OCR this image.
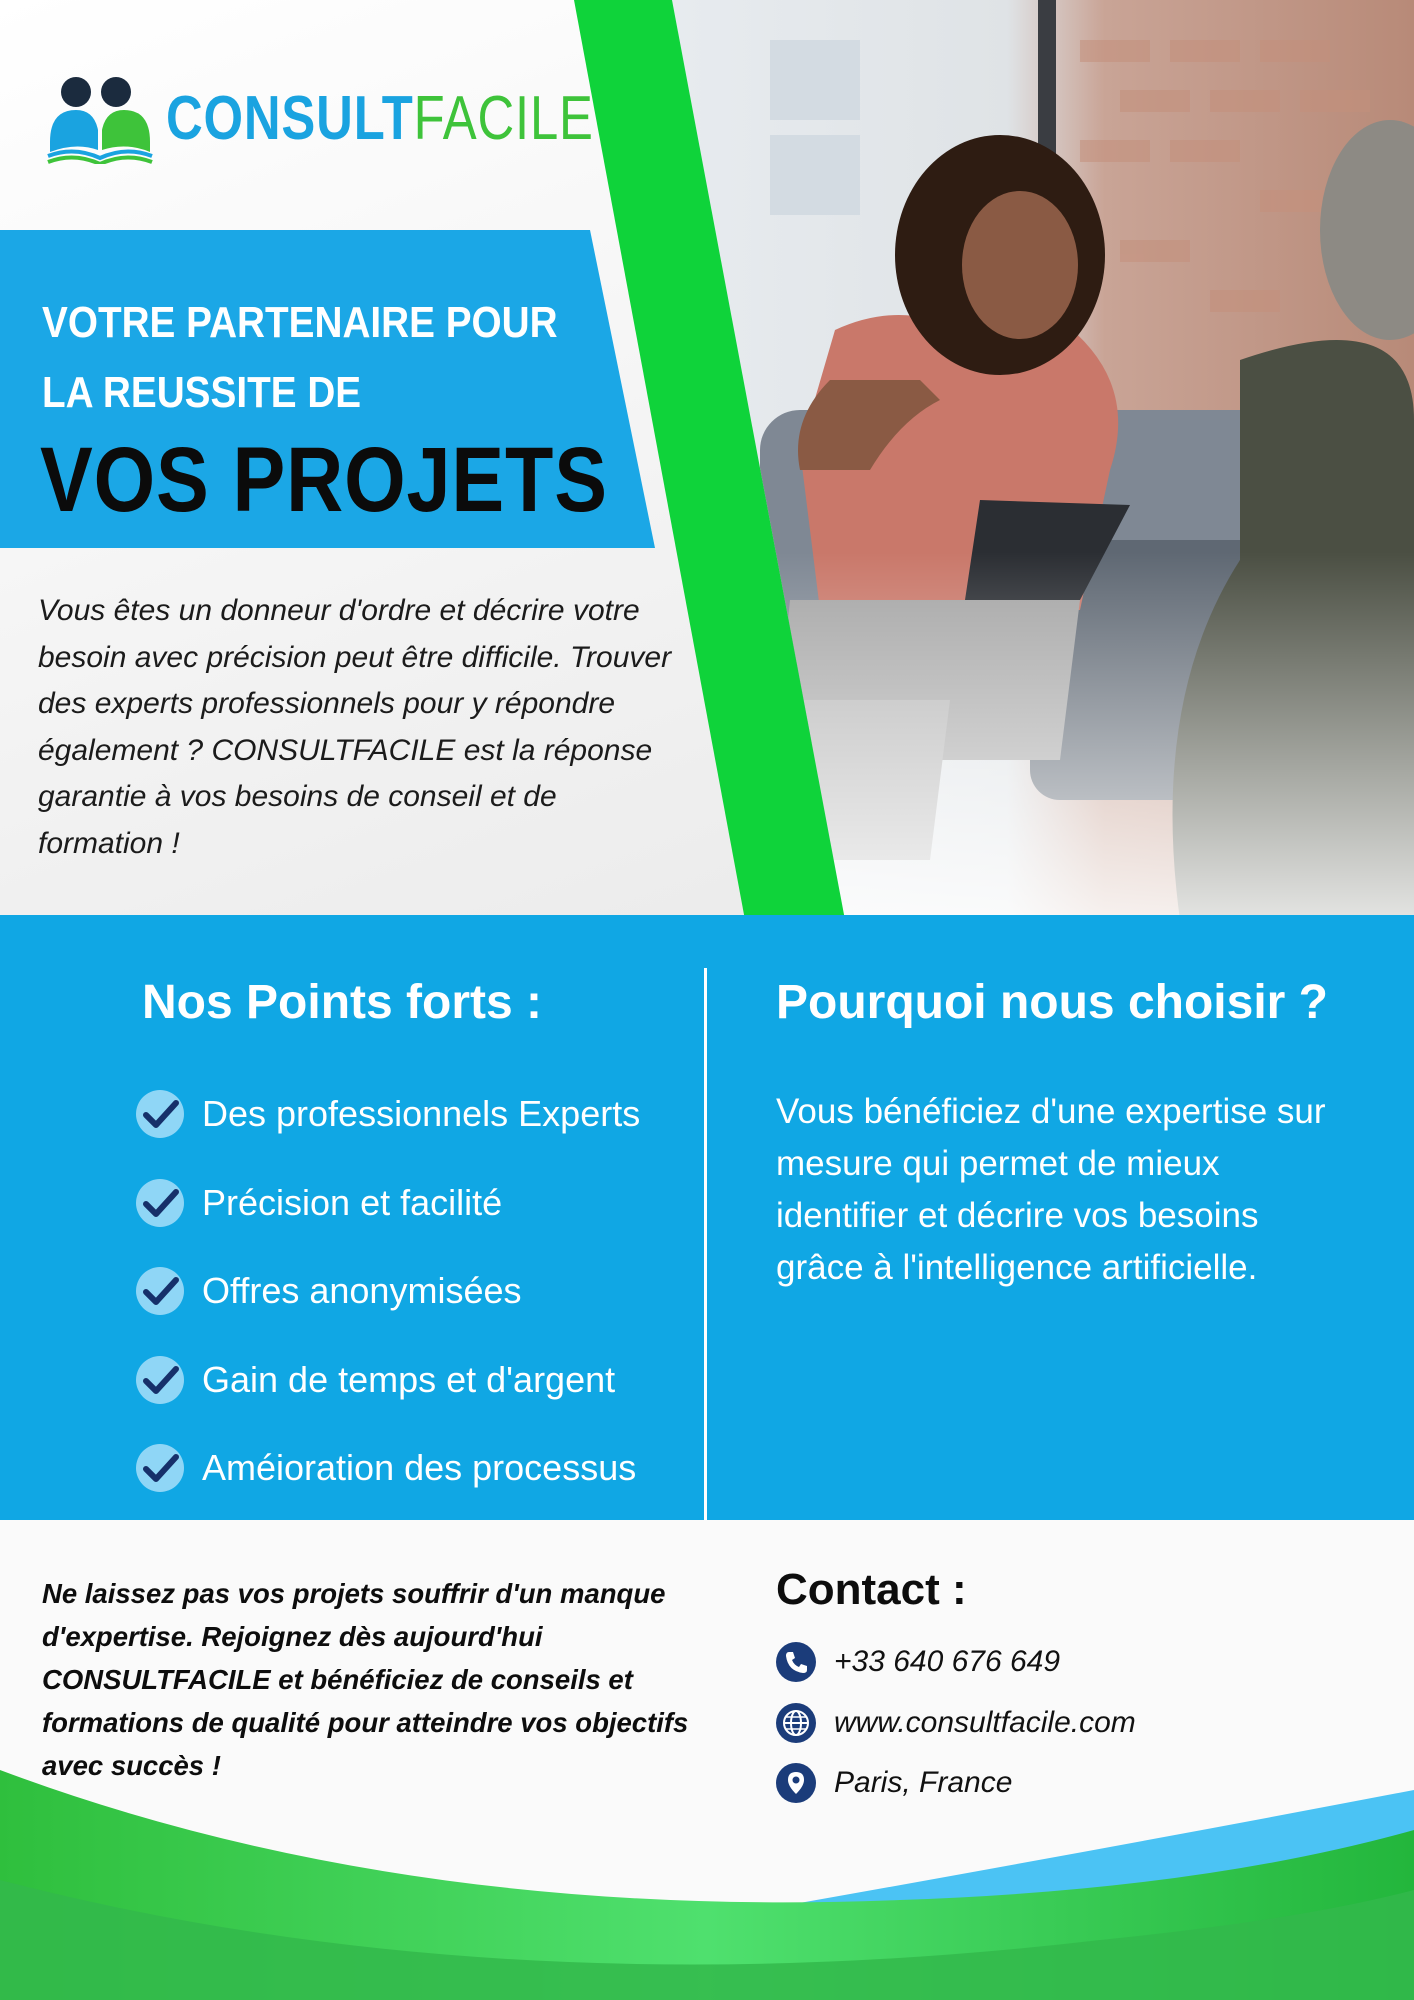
CONSULTFACILE
VOTRE PARTENAIRE POUR
LA REUSSITE DE
VOS PROJETS

Vous êtes un donneur d'ordre et décrire votre besoin avec précision peut être difficile. Trouver des experts professionnels pour y répondre également ? CONSULTFACILE est la réponse garantie à vos besoins de conseil et de formation !

Nos Points forts :
Des professionnels Experts
Précision et facilité
Offres anonymisées
Gain de temps et d'argent
Améioration des processus
Pourquoi nous choisir ?

Vous bénéficiez d'une expertise sur mesure qui permet de mieux identifier et décrire vos besoins grâce à l'intelligence artificielle.

Ne laissez pas vos projets souffrir d'un manque d'expertise. Rejoignez dès aujourd'hui CONSULTFACILE et bénéficiez de conseils et formations de qualité pour atteindre vos objectifs avec succès !

Contact :
+33 640 676 649
www.consultfacile.com
Paris, France
